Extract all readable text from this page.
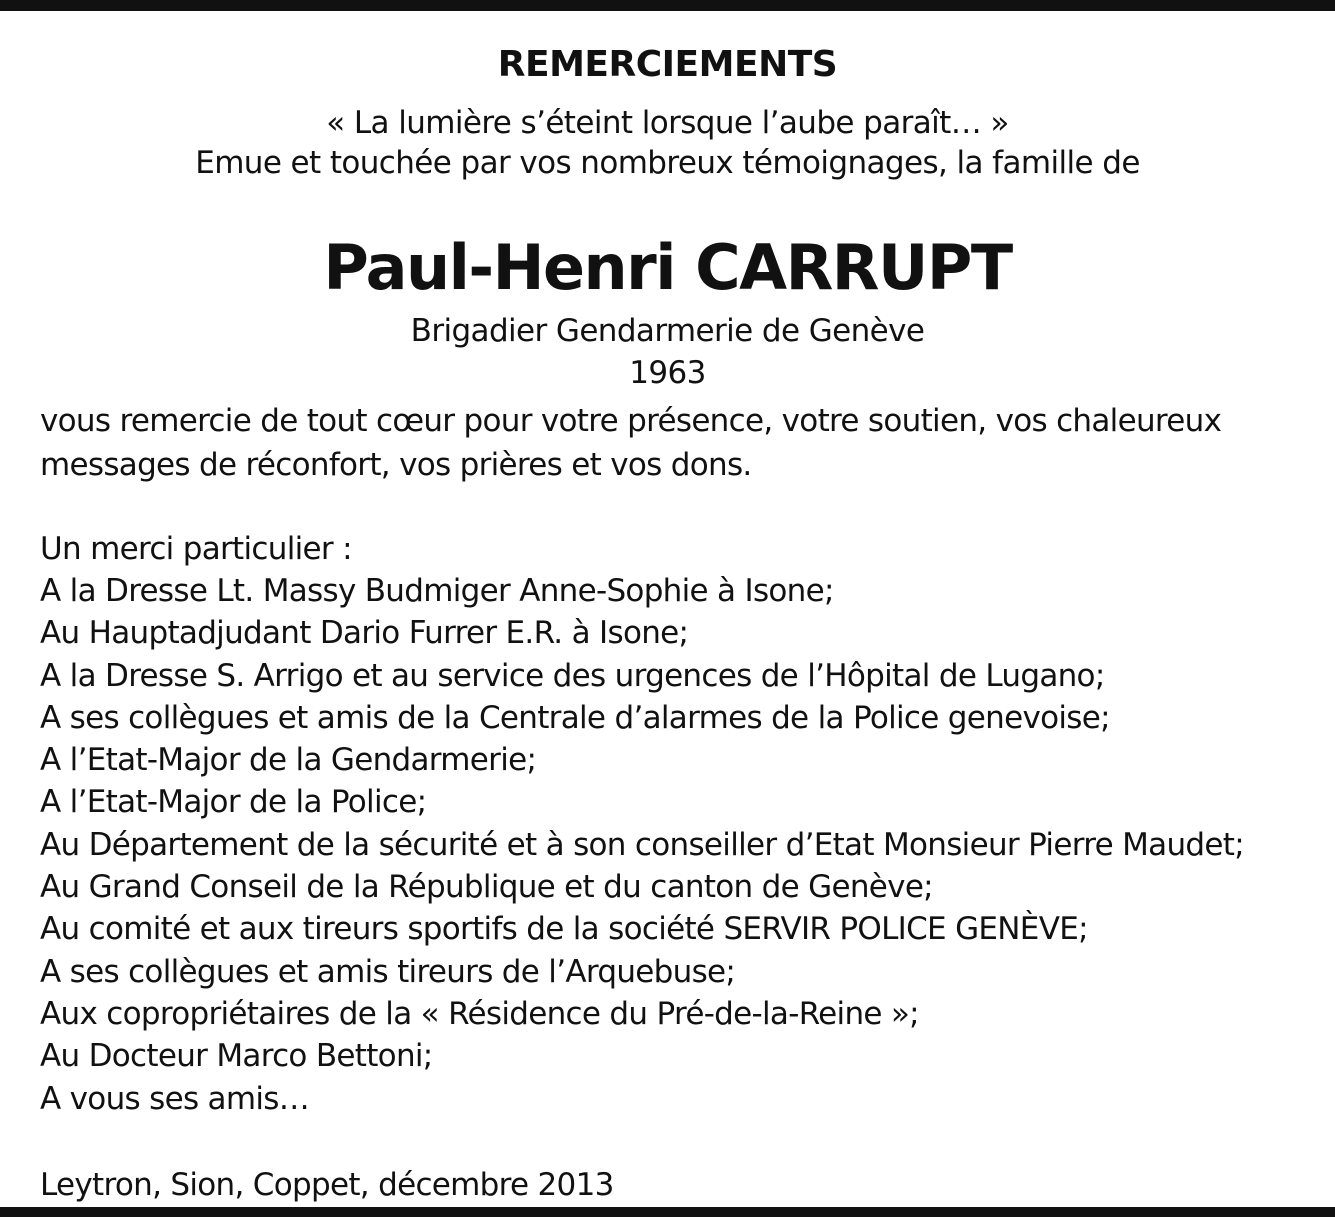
REMERCIEMENTS
« La lumière s’éteint lorsque l’aube paraît… »
Emue et touchée par vos nombreux témoignages, la famille de
Paul-Henri CARRUPT
Brigadier Gendarmerie de Genève
1963
vous remercie de tout cœur pour votre présence, votre soutien, vos chaleureux
messages de réconfort, vos prières et vos dons.
Un merci particulier :
A la Dresse Lt. Massy Budmiger Anne-Sophie à Isone;
Au Hauptadjudant Dario Furrer E.R. à Isone;
A la Dresse S. Arrigo et au service des urgences de l’Hôpital de Lugano;
A ses collègues et amis de la Centrale d’alarmes de la Police genevoise;
A l’Etat-Major de la Gendarmerie;
A l’Etat-Major de la Police;
Au Département de la sécurité et à son conseiller d’Etat Monsieur Pierre Maudet;
Au Grand Conseil de la République et du canton de Genève;
Au comité et aux tireurs sportifs de la société SERVIR POLICE GENÈVE;
A ses collègues et amis tireurs de l’Arquebuse;
Aux copropriétaires de la « Résidence du Pré-de-la-Reine »;
Au Docteur Marco Bettoni;
A vous ses amis…
Leytron, Sion, Coppet, décembre 2013
